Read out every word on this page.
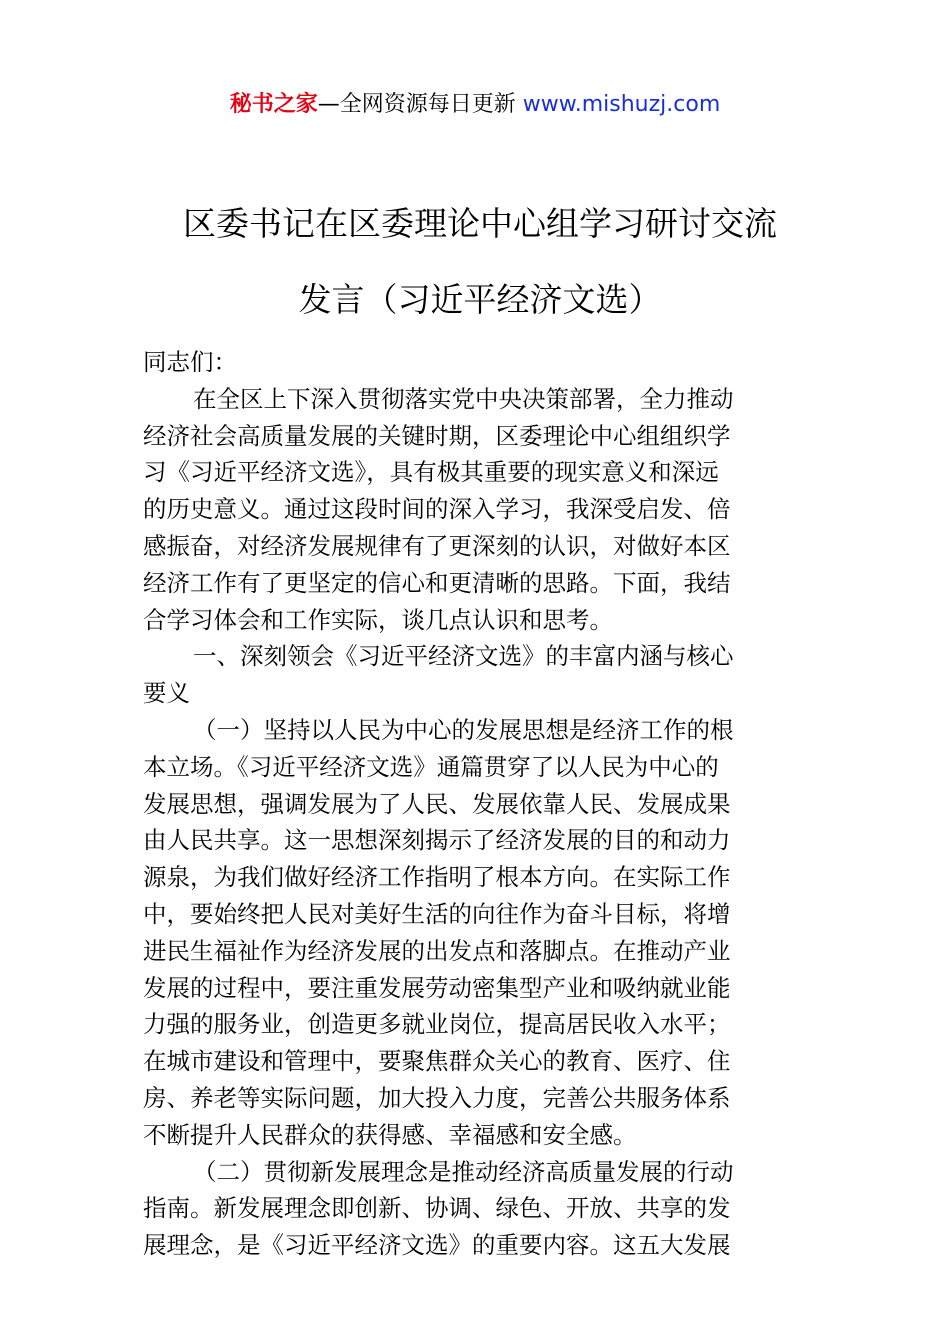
秘书之家—全网资源每日更新 www.mishuzj.com
区委书记在区委理论中心组学习研讨交流
发言（习近平经济文选）
同志们：
在全区上下深入贯彻落实党中央决策部署，全力推动
经济社会高质量发展的关键时期，区委理论中心组组织学
习《习近平经济文选》，具有极其重要的现实意义和深远
的历史意义。通过这段时间的深入学习，我深受启发、倍
感振奋，对经济发展规律有了更深刻的认识，对做好本区
经济工作有了更坚定的信心和更清晰的思路。下面，我结
合学习体会和工作实际，谈几点认识和思考。
一、深刻领会《习近平经济文选》的丰富内涵与核心
要义
（一）坚持以人民为中心的发展思想是经济工作的根
本立场。《习近平经济文选》通篇贯穿了以人民为中心的
发展思想，强调发展为了人民、发展依靠人民、发展成果
由人民共享。这一思想深刻揭示了经济发展的目的和动力
源泉，为我们做好经济工作指明了根本方向。在实际工作
中，要始终把人民对美好生活的向往作为奋斗目标，将增
进民生福祉作为经济发展的出发点和落脚点。在推动产业
发展的过程中，要注重发展劳动密集型产业和吸纳就业能
力强的服务业，创造更多就业岗位，提高居民收入水平；
在城市建设和管理中，要聚焦群众关心的教育、医疗、住
房、养老等实际问题，加大投入力度，完善公共服务体系
不断提升人民群众的获得感、幸福感和安全感。
（二）贯彻新发展理念是推动经济高质量发展的行动
指南。新发展理念即创新、协调、绿色、开放、共享的发
展理念，是《习近平经济文选》的重要内容。这五大发展
